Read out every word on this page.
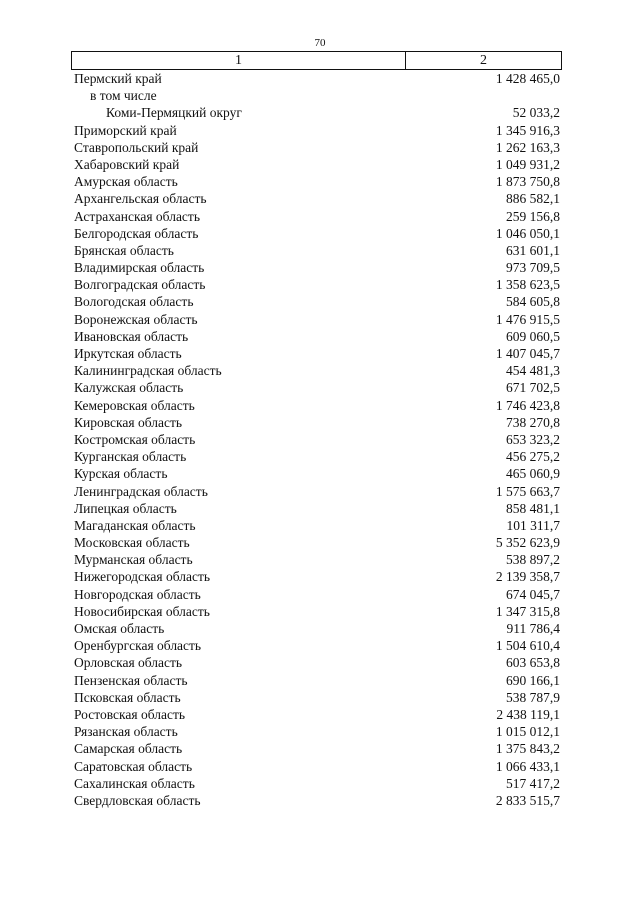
70
1	2
Пермский край	1 428 465,0
в том числе
Коми-Пермяцкий округ	52 033,2
Приморский край	1 345 916,3
Ставропольский край	1 262 163,3
Хабаровский край	1 049 931,2
Амурская область	1 873 750,8
Архангельская область	886 582,1
Астраханская область	259 156,8
Белгородская область	1 046 050,1
Брянская область	631 601,1
Владимирская область	973 709,5
Волгоградская область	1 358 623,5
Вологодская область	584 605,8
Воронежская область	1 476 915,5
Ивановская область	609 060,5
Иркутская область	1 407 045,7
Калининградская область	454 481,3
Калужская область	671 702,5
Кемеровская область	1 746 423,8
Кировская область	738 270,8
Костромская область	653 323,2
Курганская область	456 275,2
Курская область	465 060,9
Ленинградская область	1 575 663,7
Липецкая область	858 481,1
Магаданская область	101 311,7
Московская область	5 352 623,9
Мурманская область	538 897,2
Нижегородская область	2 139 358,7
Новгородская область	674 045,7
Новосибирская область	1 347 315,8
Омская область	911 786,4
Оренбургская область	1 504 610,4
Орловская область	603 653,8
Пензенская область	690 166,1
Псковская область	538 787,9
Ростовская область	2 438 119,1
Рязанская область	1 015 012,1
Самарская область	1 375 843,2
Саратовская область	1 066 433,1
Сахалинская область	517 417,2
Свердловская область	2 833 515,7
